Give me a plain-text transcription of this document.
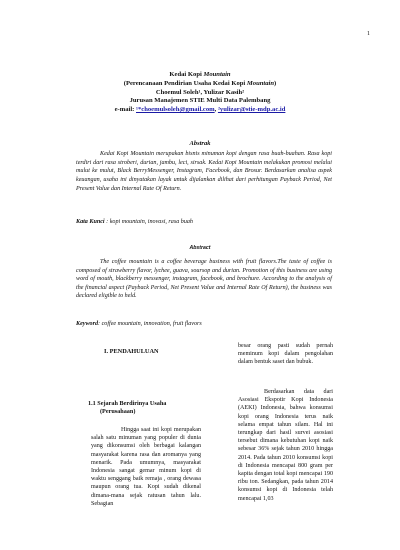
1
Kedai Kopi Mountain
(Perencanaan Pendirian Usaha Kedai Kopi Mountain)
Choemul Soleh¹, Yulizar Kasih²
Jurusan Manajemen STIE Multi Data Palembang
e-mail: ¹*choemulsoleh@gmail.com, ²yulizar@stie-mdp.ac.id
Abstrak

Kedai Kopi Mountain merupakan bisnis minuman kopi dengan rasa buah-buahan. Rasa kopi terdiri dari rasa stroberi, durian, jambu, leci, sirsak. Kedai Kopi Mountain melakukan promosi melalui mulut ke mulut, Black BerryMessenger, Instagram, Facebook, dan Brosur. Berdasarkan analisa aspek keuangan, usaha ini dinyatakan layak untuk dijalankan dilihat dari perhitungan Payback Period, Net Present Value dan Internal Rate Of Return.

Kata Kunci : kopi mountain, inovasi, rasa buah
Abstract

The coffee mountain is a coffee beverage business with fruit flavors.The taste of coffee is composed of strawberry flavor, lychee, guava, soursop and durian. Promotion of this business are using word of mouth, blackberry messenger, instagram, facebook, and brochure. According to the analysis of the financial aspect (Payback Period, Net Present Value and Internal Rate Of Return), the business was declared eligible to held.

Keyword: coffee mountain, innovation, fruit flavors
I. PENDAHULUAN
1.1 Sejarah Berdirinya Usaha
(Perusahaan)

Hingga saat ini kopi merupakan salah satu minuman yang populer di dunia yang dikonsumsi oleh berbagai kalangan masyarakat karena rasa dan aromanya yang menarik. Pada umumnya, masyarakat Indonesia sangat gemar minum kopi di waktu senggang baik remaja , orang dewasa maupun orang tua. Kopi sudah dikenal dimana-mana sejak ratusan tahun lalu. Sebagian

besar orang pasti sudah pernah meminum kopi dalam pengolahan dalam bentuk saset dan bubuk.

Berdasarkan data dari Asosiasi Ekspotir Kopi Indonesia (AEKI) Indonesia, bahwa konsumsi kopi orang Indonesia terus naik selama empat tahun silam. Hal ini terungkap dari hasil survei asosiasi tersebut dimana kebutuhan kopi naik sebesar 36% sejak tahun 2010 hingga 2014. Pada tahun 2010 konsumsi kopi di Indonesia mencapai 800 gram per kapita dengan total kopi mencapai 190 ribu ton. Sedangkan, pada tahun 2014 konsumsi kopi di Indonesia telah mencapai 1,03
